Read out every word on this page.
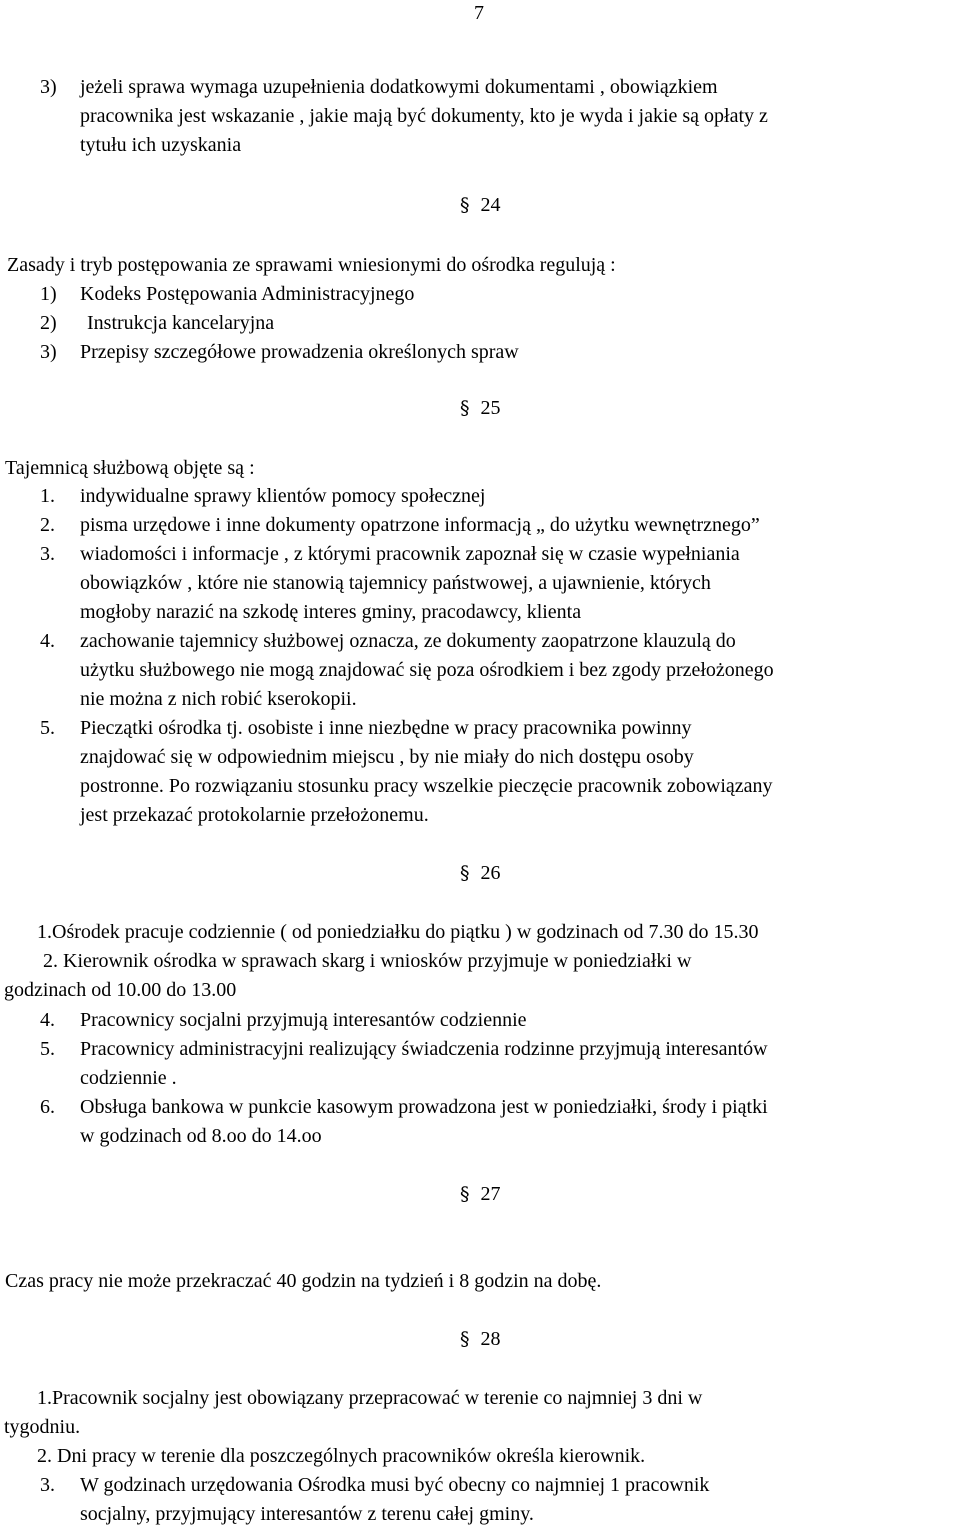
7
3) jeżeli sprawa wymaga uzupełnienia dodatkowymi dokumentami , obowiązkiem
pracownika jest wskazanie , jakie mają być dokumenty, kto je wyda i jakie są opłaty z
tytułu ich uzyskania
§ 24
Zasady i tryb postępowania ze sprawami wniesionymi do ośrodka regulują :
1) Kodeks Postępowania Administracyjnego
2) Instrukcja kancelaryjna
3) Przepisy szczegółowe prowadzenia określonych spraw
§ 25
Tajemnicą służbową objęte są :
1. indywidualne sprawy klientów pomocy społecznej
2. pisma urzędowe i inne dokumenty opatrzone informacją „ do użytku wewnętrznego”
3. wiadomości i informacje , z którymi pracownik zapoznał się w czasie wypełniania
obowiązków , które nie stanowią tajemnicy państwowej, a ujawnienie, których
mogłoby narazić na szkodę interes gminy, pracodawcy, klienta
4. zachowanie tajemnicy służbowej oznacza, ze dokumenty zaopatrzone klauzulą do
użytku służbowego nie mogą znajdować się poza ośrodkiem i bez zgody przełożonego
nie można z nich robić kserokopii.
5. Pieczątki ośrodka tj. osobiste i inne niezbędne w pracy pracownika powinny
znajdować się w odpowiednim miejscu , by nie miały do nich dostępu osoby
postronne. Po rozwiązaniu stosunku pracy wszelkie pieczęcie pracownik zobowiązany
jest przekazać protokolarnie przełożonemu.
§ 26
1.Ośrodek pracuje codziennie ( od poniedziałku do piątku ) w godzinach od 7.30 do 15.30
2. Kierownik ośrodka w sprawach skarg i wniosków przyjmuje w poniedziałki w
godzinach od 10.00 do 13.00
4. Pracownicy socjalni przyjmują interesantów codziennie
5. Pracownicy administracyjni realizujący świadczenia rodzinne przyjmują interesantów
codziennie .
6. Obsługa bankowa w punkcie kasowym prowadzona jest w poniedziałki, środy i piątki
w godzinach od 8.oo do 14.oo
§ 27
Czas pracy nie może przekraczać 40 godzin na tydzień i 8 godzin na dobę.
§ 28
1.Pracownik socjalny jest obowiązany przepracować w terenie co najmniej 3 dni w
tygodniu.
2. Dni pracy w terenie dla poszczególnych pracowników określa kierownik.
3. W godzinach urzędowania Ośrodka musi być obecny co najmniej 1 pracownik
socjalny, przyjmujący interesantów z terenu całej gminy.
